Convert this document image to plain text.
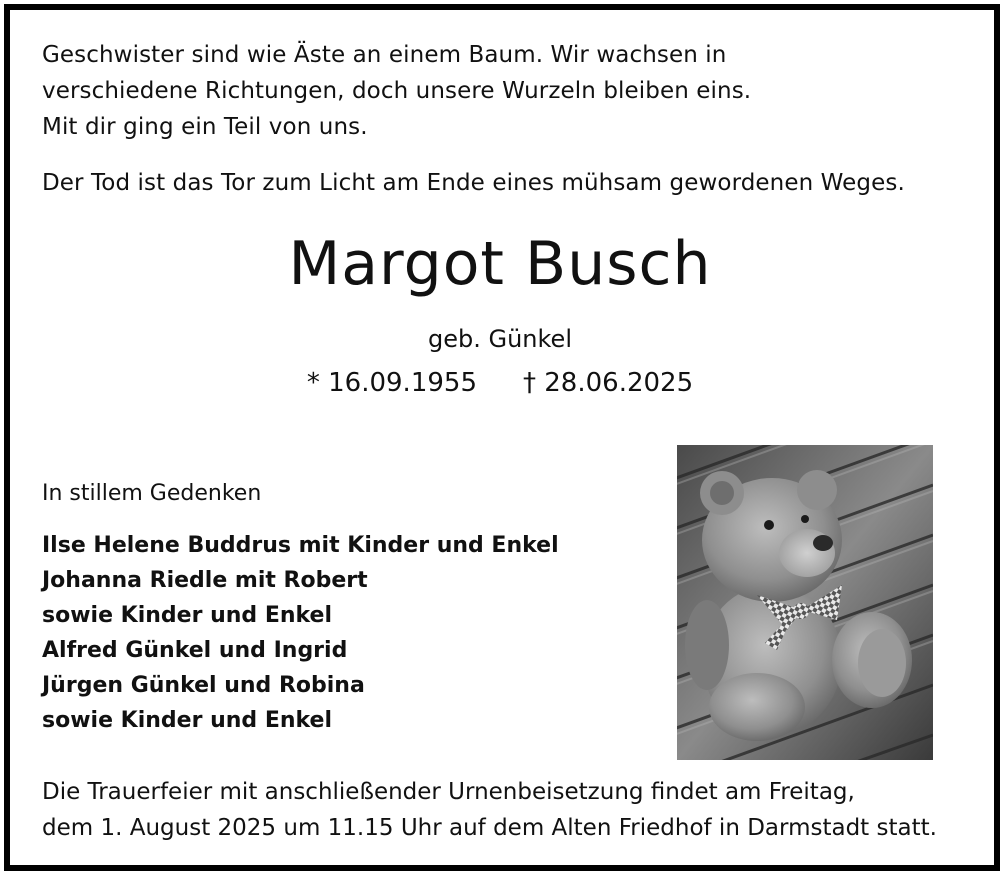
Geschwister sind wie Äste an einem Baum. Wir wachsen in
verschiedene Richtungen, doch unsere Wurzeln bleiben eins.
Mit dir ging ein Teil von uns.
Der Tod ist das Tor zum Licht am Ende eines mühsam gewordenen Weges.
Margot Busch
geb. Günkel
* 16.09.1955 † 28.06.2025
In stillem Gedenken
Ilse Helene Buddrus mit Kinder und Enkel
Johanna Riedle mit Robert
sowie Kinder und Enkel
Alfred Günkel und Ingrid
Jürgen Günkel und Robina
sowie Kinder und Enkel
Die Trauerfeier mit anschließender Urnenbeisetzung findet am Freitag,
dem 1. August 2025 um 11.15 Uhr auf dem Alten Friedhof in Darmstadt statt.
